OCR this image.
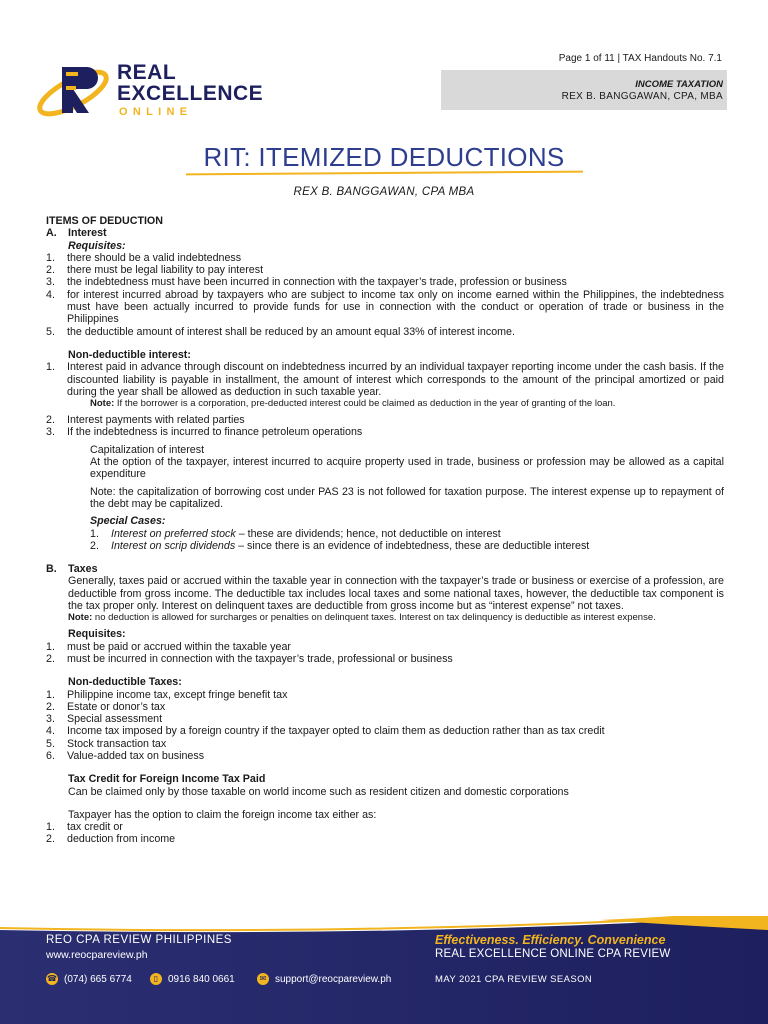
REAL
EXCELLENCE
ONLINE
Page 1 of 11 | TAX Handouts No. 7.1
INCOME TAXATION
REX B. BANGGAWAN, CPA, MBA
RIT: ITEMIZED DEDUCTIONS
REX B. BANGGAWAN, CPA MBA
ITEMS OF DEDUCTION
A. Interest
Requisites:
1. there should be a valid indebtedness
2. there must be legal liability to pay interest
3. the indebtedness must have been incurred in connection with the taxpayer’s trade, profession or business
4. for interest incurred abroad by taxpayers who are subject to income tax only on income earned within the Philippines, the indebtedness must have been actually incurred to provide funds for use in connection with the conduct or operation of trade or business in the Philippines
5. the deductible amount of interest shall be reduced by an amount equal 33% of interest income.
Non-deductible interest:
1. Interest paid in advance through discount on indebtedness incurred by an individual taxpayer reporting income under the cash basis. If the discounted liability is payable in installment, the amount of interest which corresponds to the amount of the principal amortized or paid during the year shall be allowed as deduction in such taxable year.
Note: If the borrower is a corporation, pre-deducted interest could be claimed as deduction in the year of granting of the loan.
2. Interest payments with related parties
3. If the indebtedness is incurred to finance petroleum operations
Capitalization of interest
At the option of the taxpayer, interest incurred to acquire property used in trade, business or profession may be allowed as a capital expenditure
Note: the capitalization of borrowing cost under PAS 23 is not followed for taxation purpose. The interest expense up to repayment of the debt may be capitalized.
Special Cases:
1. Interest on preferred stock – these are dividends; hence, not deductible on interest
2. Interest on scrip dividends – since there is an evidence of indebtedness, these are deductible interest
B. Taxes
Generally, taxes paid or accrued within the taxable year in connection with the taxpayer’s trade or business or exercise of a profession, are deductible from gross income. The deductible tax includes local taxes and some national taxes, however, the deductible tax component is the tax proper only. Interest on delinquent taxes are deductible from gross income but as “interest expense” not taxes.
Note: no deduction is allowed for surcharges or penalties on delinquent taxes. Interest on tax delinquency is deductible as interest expense.
Requisites:
1. must be paid or accrued within the taxable year
2. must be incurred in connection with the taxpayer’s trade, professional or business
Non-deductible Taxes:
1. Philippine income tax, except fringe benefit tax
2. Estate or donor’s tax
3. Special assessment
4. Income tax imposed by a foreign country if the taxpayer opted to claim them as deduction rather than as tax credit
5. Stock transaction tax
6. Value-added tax on business
Tax Credit for Foreign Income Tax Paid
Can be claimed only by those taxable on world income such as resident citizen and domestic corporations
Taxpayer has the option to claim the foreign income tax either as:
1. tax credit or
2. deduction from income
REO CPA REVIEW PHILIPPINES
www.reocpareview.ph
☎ (074) 665 6774	▯ 0916 840 0661	✉ support@reocpareview.ph
Effectiveness. Efficiency. Convenience
REAL EXCELLENCE ONLINE CPA REVIEW
MAY 2021 CPA REVIEW SEASON
